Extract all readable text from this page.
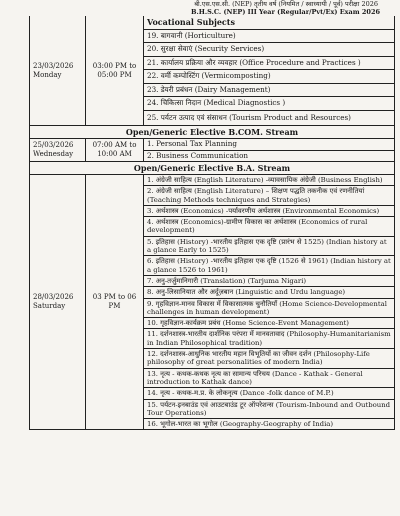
बी.एस.एस.सी. (NEP) तृतीय वर्ष (नियमित / स्वाध्यायी / पूर्व) परीक्षा 2026
B.H.S.C. (NEP) III Year (Regular/Pvt/Ex) Exam 2026
23/03/2026
Monday
03:00 PM to
05:00 PM
Vocational Subjects
19. बागवानी (Horticulture)
20. सुरक्षा सेवाएं (Security Services)
21. कार्यालय प्रक्रिया और व्यवहार (Office Procedure and Practices )
22. वर्मी कम्पोस्टिंग (Vermicomposting)
23. डेयरी प्रबंधन (Dairy Management)
24. चिकित्सा निदान (Medical Diagnostics )
25. पर्यटन उत्पाद एवं संसाधन (Tourism Product and Resources)
Open/Generic Elective B.COM. Stream
25/03/2026
Wednesday
07:00 AM to
10:00 AM
1. Personal Tax Planning
2. Business Communication
Open/Generic Elective B.A. Stream
28/03/2026
Saturday
03 PM to 06 PM
1. अंग्रेजी साहित्य (English Literature) -व्यावसायिक अंग्रेजी (Business English)
2. अंग्रेजी साहित्य (English Literature) – शिक्षण पद्धति तकनीक एवं रणनीतियां (Teaching Methods techniques and Strategies)
3. अर्थशास्त्र (Economics) -पर्यावरणीय अर्थशास्त्र (Environmental Economics)
4. अर्थशास्त्र (Economics)-ग्रामीण विकास का अर्थशास्त्र (Economics of rural development)
5. इतिहास (History) -भारतीय इतिहास एक दृष्टि (प्रारंभ से 1525) (Indian history at a glance Early to 1525)
6. इतिहास (History) -भारतीय इतिहास एक दृष्टि (1526 से 1961) (Indian history at a glance 1526 to 1961)
7. अनु-तर्जुमानिगारी (Translation) (Tarjuma Nigari)
8. अनु-लिसानियात और अर्दूज़बान (Linguistic and Urdu language)
9. गृहविज्ञान-मानव विकास में विकासात्मक चुनौतियाँ (Home Science-Developmental challenges in human development)
10. गृहविज्ञान-कार्यक्रम प्रबंध (Home Science-Event Management)
11. दर्शनशास्त्र-भारतीय दार्शनिक परंपरा में मानवतावाद (Philosophy-Humanitarianism in Indian Philosophical tradition)
12. दर्शनशास्त्र-आधुनिक भारतीय महान विभूतियों का जीवन दर्शन (Philosophy-Life philosophy of great personalities of modern India)
13. नृत्य - कथक-कथक नृत्य का सामान्य परिचय (Dance - Kathak - General introduction to Kathak dance)
14. नृत्य - कथक-म.प्र. के लोकनृत्य (Dance -folk dance of M.P.)
15. पर्यटन-इनबाउंड एवं आउटबाउंड टूर ऑपरेशन्स (Tourism-Inbound and Outbound Tour Operations)
16. भूगोल-भारत का भूगोल (Geography-Geography of India)
